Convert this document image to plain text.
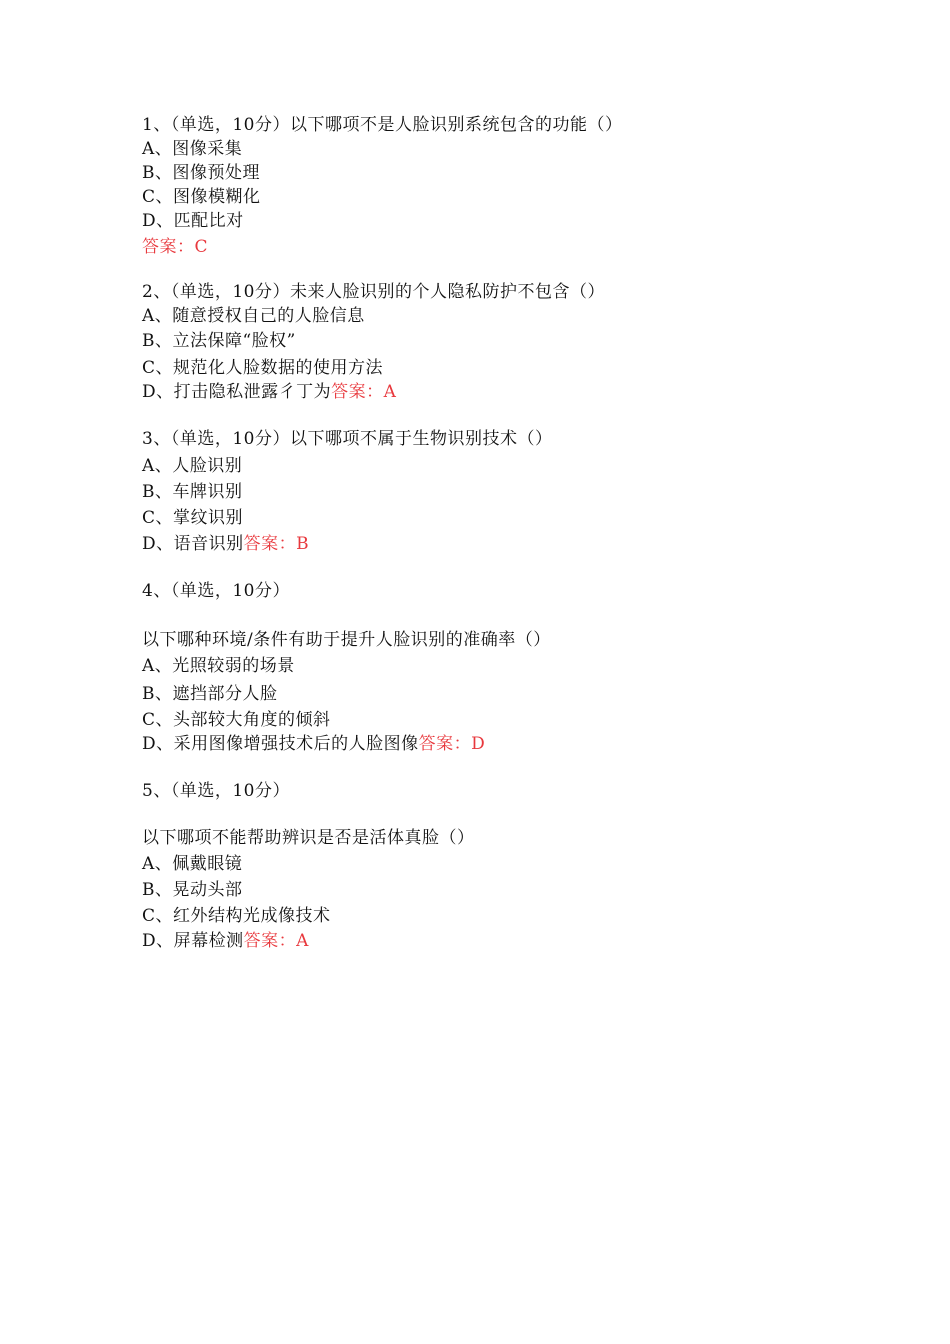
1、（单选，10分）以下哪项不是人脸识别系统包含的功能（）
A、图像采集
B、图像预处理
C、图像模糊化
D、匹配比对
答案：C
2、（单选，10分）未来人脸识别的个人隐私防护不包含（）
A、随意授权自己的人脸信息
B、立法保障“脸权”
C、规范化人脸数据的使用方法
D、打击隐私泄露彳丁为答案：A
3、（单选，10分）以下哪项不属于生物识别技术（）
A、人脸识别
B、车牌识别
C、掌纹识别
D、语音识别答案：B
4、（单选，10分）
以下哪种环境/条件有助于提升人脸识别的准确率（）
A、光照较弱的场景
B、遮挡部分人脸
C、头部较大角度的倾斜
D、采用图像增强技术后的人脸图像答案：D
5、（单选，10分）
以下哪项不能帮助辨识是否是活体真脸（）
A、佩戴眼镜
B、晃动头部
C、红外结构光成像技术
D、屏幕检测答案：A
